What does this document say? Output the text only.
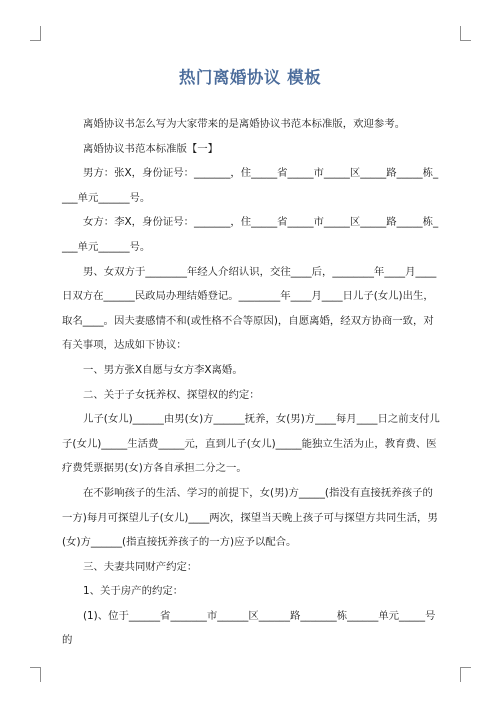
热门离婚协议 模板

离婚协议书怎么写为大家带来的是离婚协议书范本标准版，欢迎参考。

离婚协议书范本标准版【一】

男方：张X，身份证号：_______，住_____省_____市_____区_____路_____栋____单元______号。

女方：李X，身份证号：_______，住_____省_____市_____区_____路_____栋____单元______号。

男、女双方于________年经人介绍认识，交往____后，________年____月____日双方在______民政局办理结婚登记。________年____月____日儿子(女儿)出生，取名____。因夫妻感情不和(或性格不合等原因)，自愿离婚，经双方协商一致，对有关事项，达成如下协议：

一、男方张X自愿与女方李X离婚。

二、关于子女抚养权、探望权的约定：

儿子(女儿)______由男(女)方______抚养，女(男)方____每月____日之前支付儿子(女儿)_____生活费_____元，直到儿子(女儿)_____能独立生活为止，教育费、医疗费凭票据男(女)方各自承担二分之一。

在不影响孩子的生活、学习的前提下，女(男)方_____(指没有直接抚养孩子的一方)每月可探望儿子(女儿)____两次，探望当天晚上孩子可与探望方共同生活，男(女)方______(指直接抚养孩子的一方)应予以配合。

三、夫妻共同财产约定：

1、关于房产的约定：

(1)、位于______省_______市______区______路_______栋______单元_____号的
